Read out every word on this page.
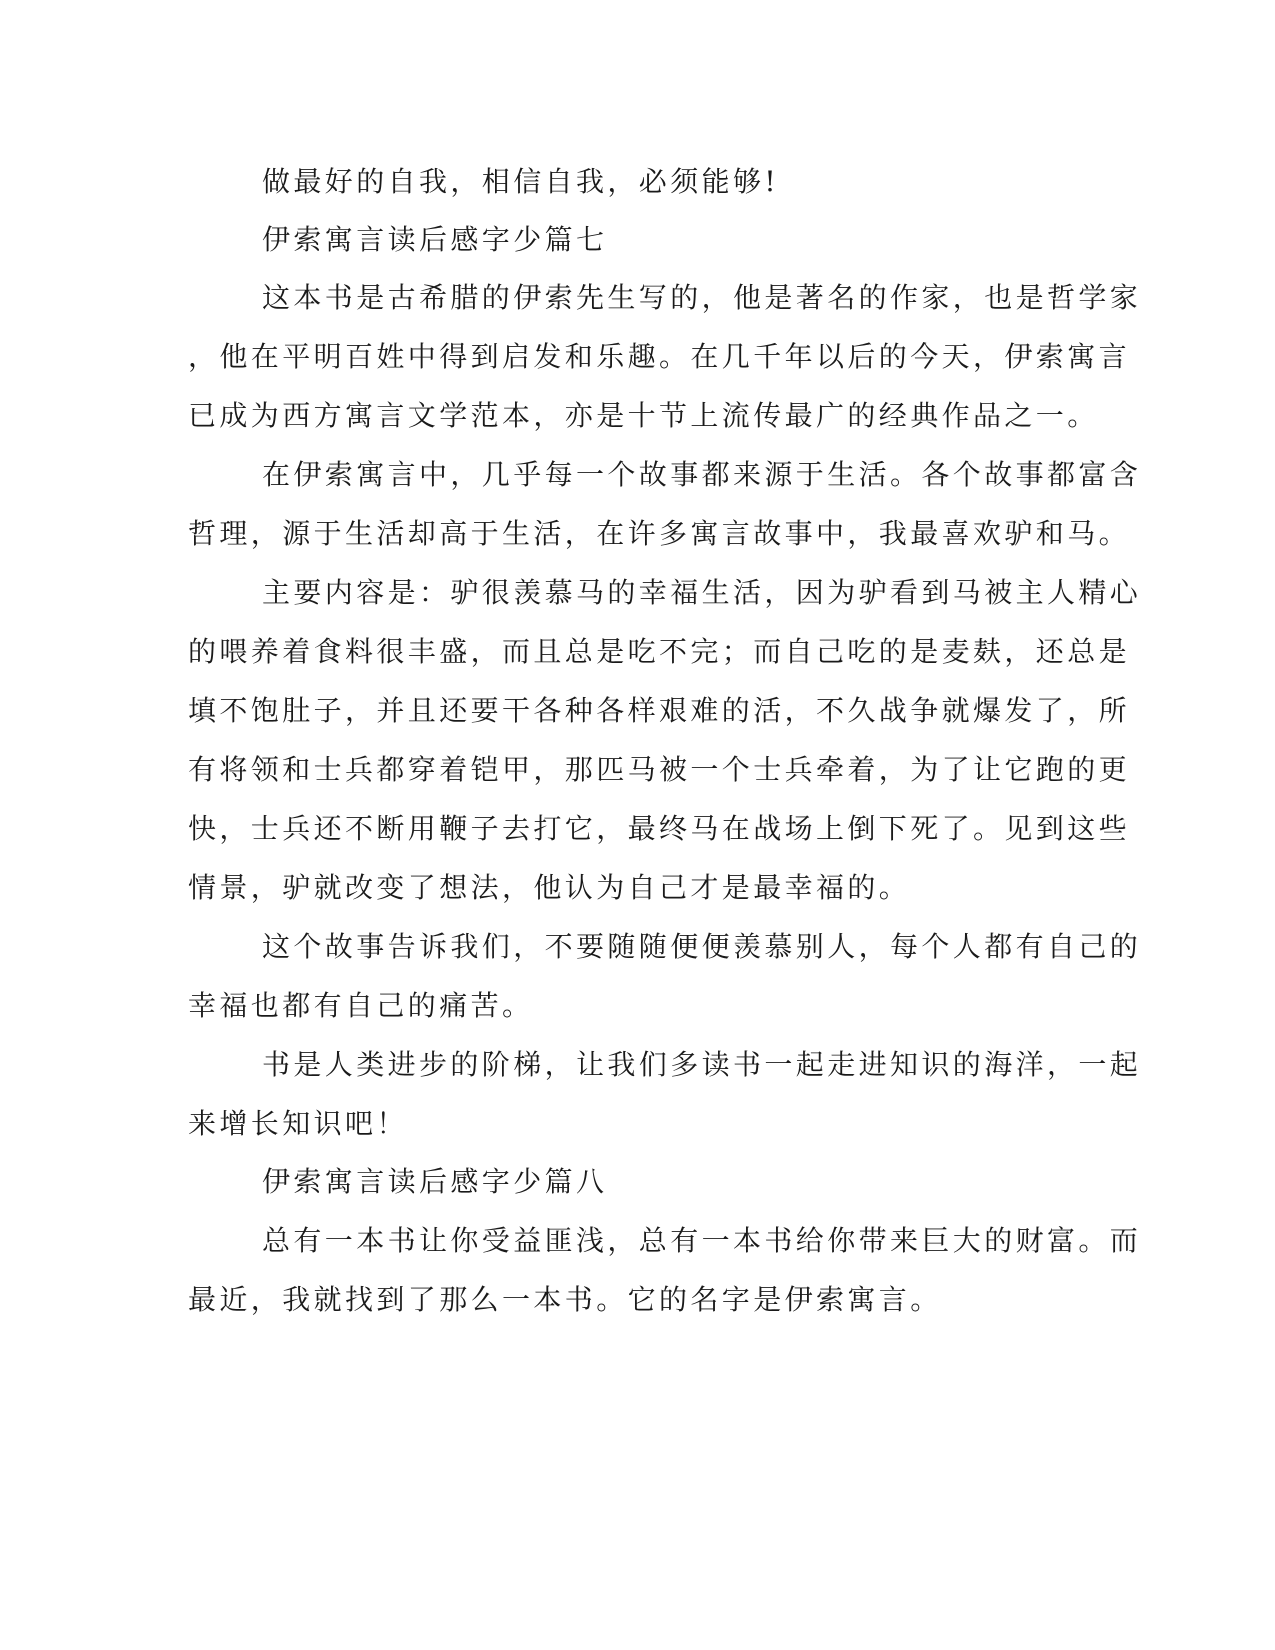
做最好的自我，相信自我，必须能够!

伊索寓言读后感字少篇七

这本书是古希腊的伊索先生写的，他是著名的作家，也是哲学家

，他在平明百姓中得到启发和乐趣。在几千年以后的今天，伊索寓言

已成为西方寓言文学范本，亦是十节上流传最广的经典作品之一。

在伊索寓言中，几乎每一个故事都来源于生活。各个故事都富含

哲理，源于生活却高于生活，在许多寓言故事中，我最喜欢驴和马。

主要内容是：驴很羡慕马的幸福生活，因为驴看到马被主人精心

的喂养着食料很丰盛，而且总是吃不完；而自己吃的是麦麸，还总是

填不饱肚子，并且还要干各种各样艰难的活，不久战争就爆发了，所

有将领和士兵都穿着铠甲，那匹马被一个士兵牵着，为了让它跑的更

快，士兵还不断用鞭子去打它，最终马在战场上倒下死了。见到这些

情景，驴就改变了想法，他认为自己才是最幸福的。

这个故事告诉我们，不要随随便便羡慕别人，每个人都有自己的

幸福也都有自己的痛苦。

书是人类进步的阶梯，让我们多读书一起走进知识的海洋，一起

来增长知识吧！

伊索寓言读后感字少篇八

总有一本书让你受益匪浅，总有一本书给你带来巨大的财富。而

最近，我就找到了那么一本书。它的名字是伊索寓言。
